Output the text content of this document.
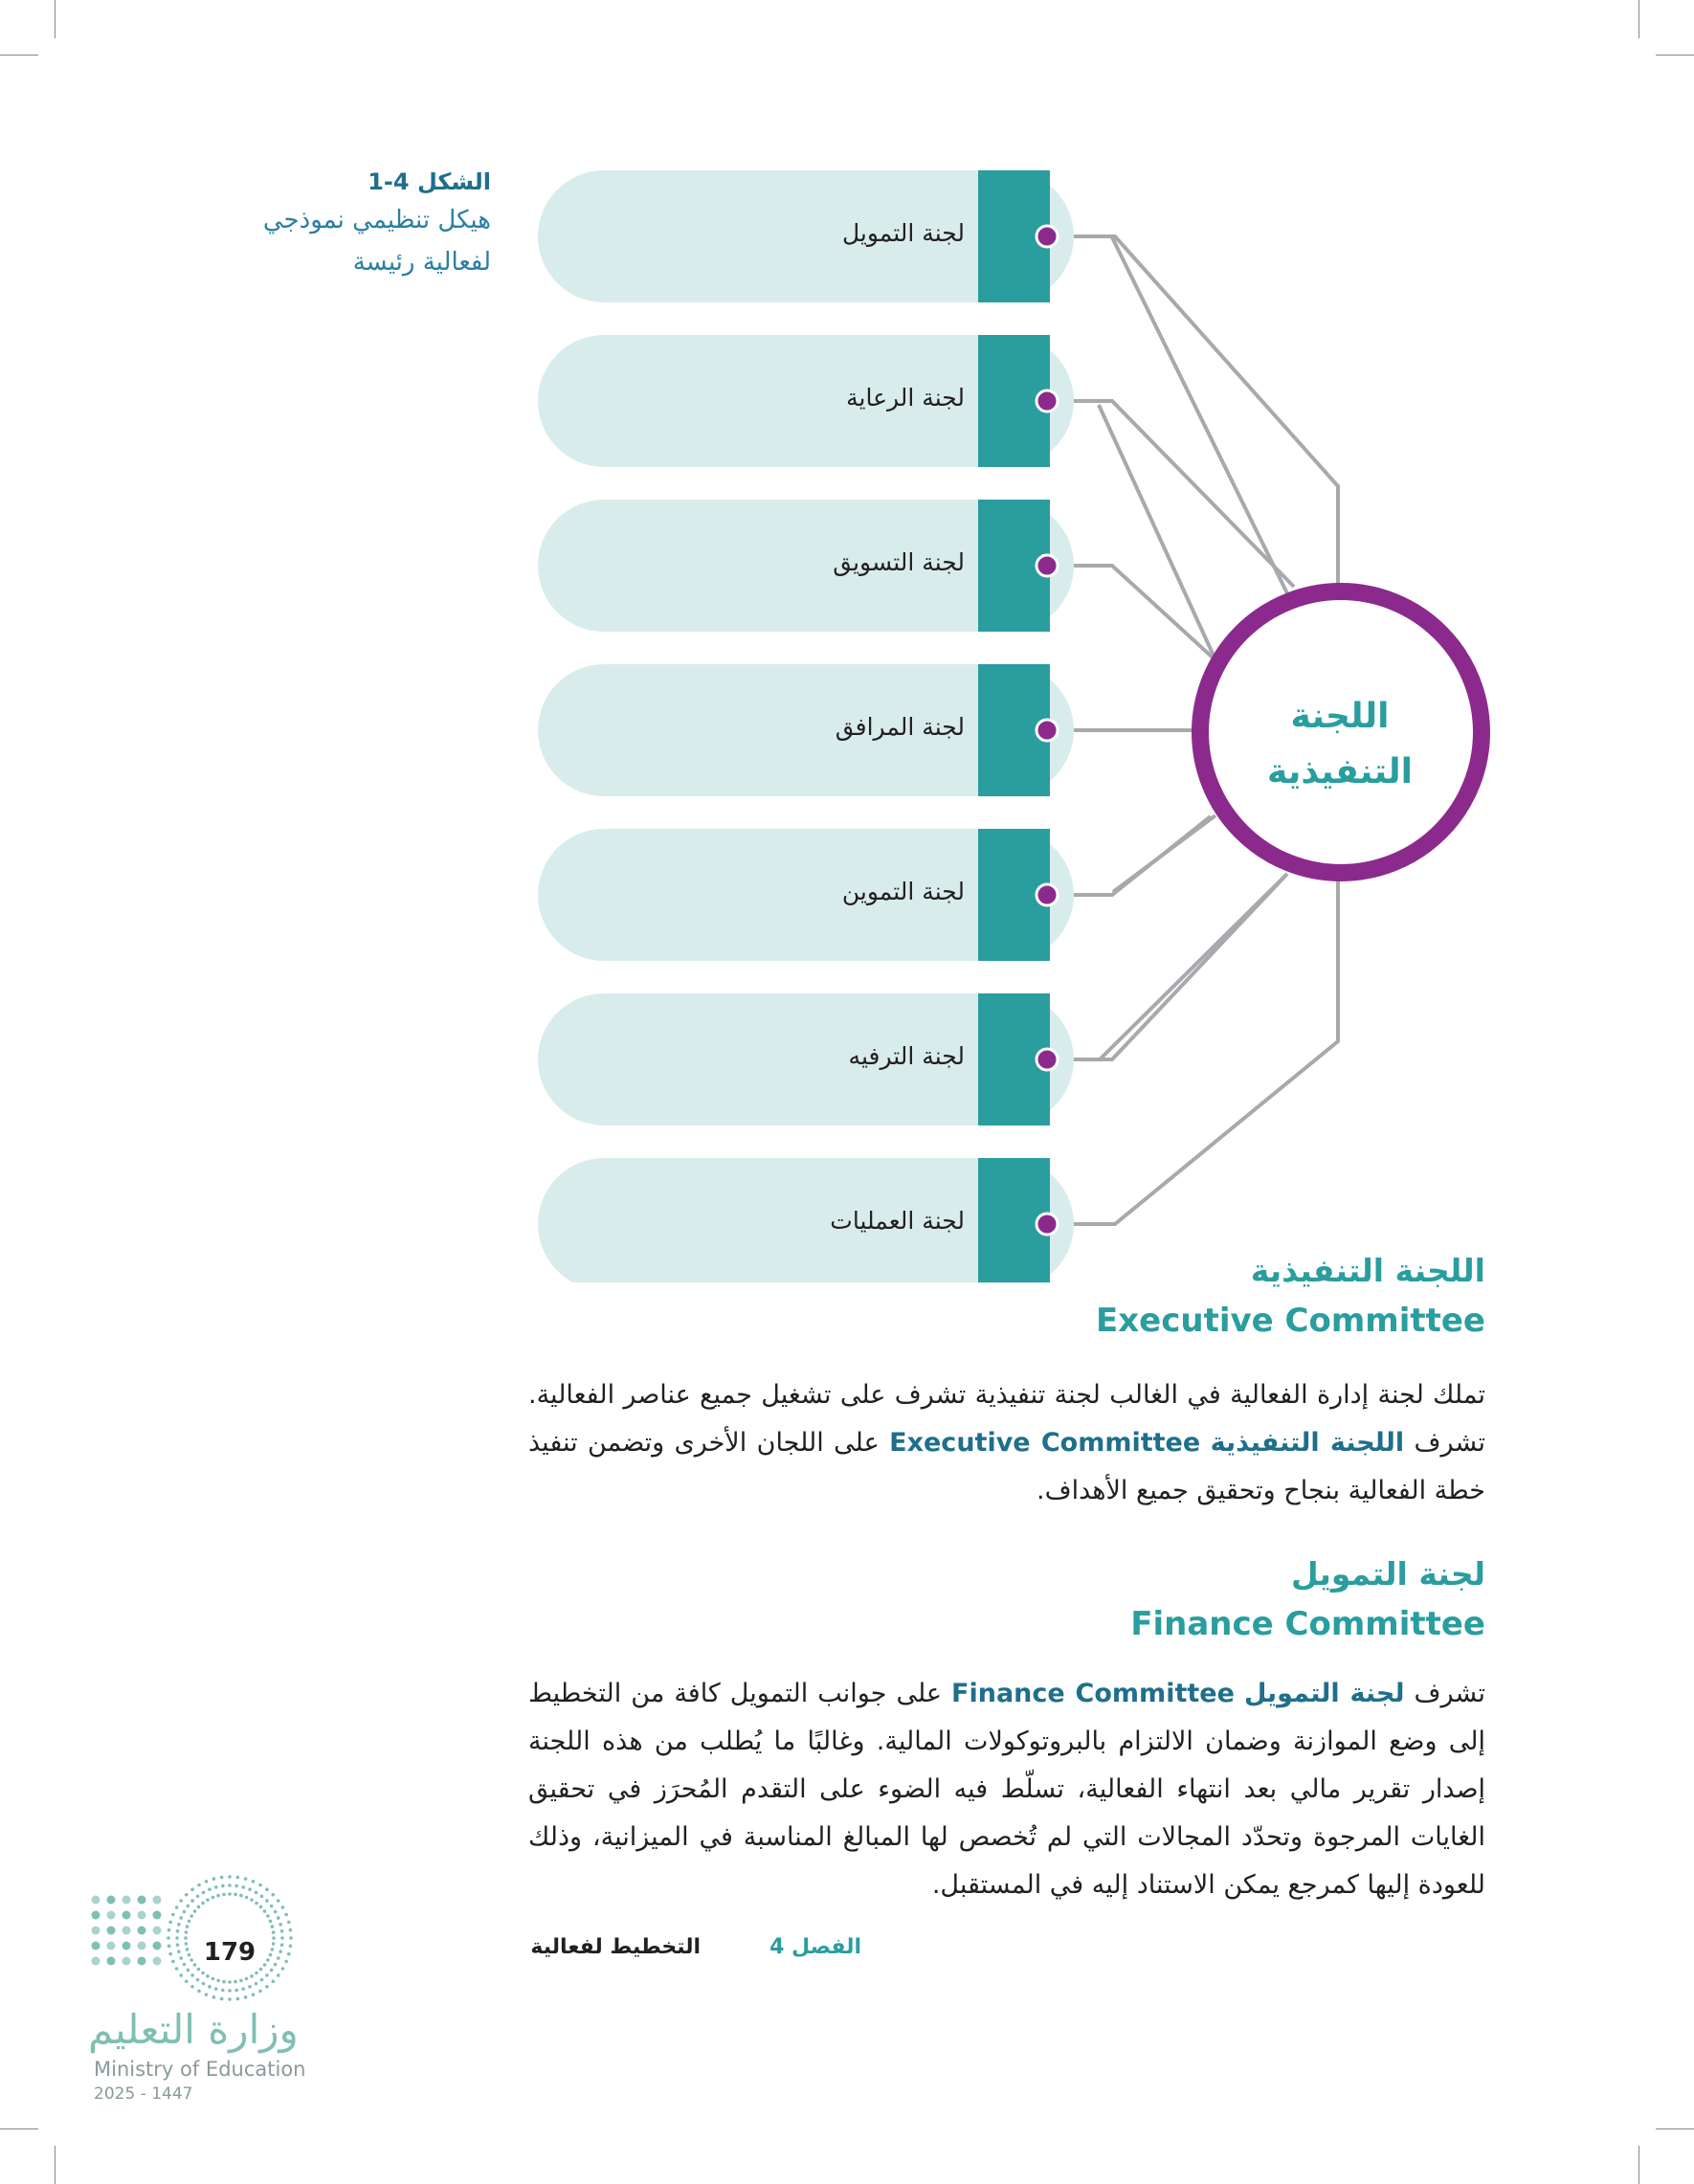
الشكل 4-1
هيكل تنظيمي نموذجي
لفعالية رئيسة
لجنة التمويل
لجنة الرعاية
لجنة التسويق
لجنة المرافق
لجنة التموين
لجنة الترفيه
لجنة العمليات
اللجنة
التنفيذية
اللجنة التنفيذية
Executive Committee
تملك لجنة إدارة الفعالية في الغالب لجنة تنفيذية تشرف على تشغيل جميع عناصر الفعالية. تشرف اللجنة التنفيذية Executive Committee على اللجان الأخرى وتضمن تنفيذ خطة الفعالية بنجاح وتحقيق جميع الأهداف.
لجنة التمويل
Finance Committee
تشرف لجنة التمويل Finance Committee على جوانب التمويل كافة من التخطيط إلى وضع الموازنة وضمان الالتزام بالبروتوكولات المالية. وغالبًا ما يُطلب من هذه اللجنة إصدار تقرير مالي بعد انتهاء الفعالية، تسلّط فيه الضوء على التقدم المُحرَز في تحقيق الغايات المرجوة وتحدّد المجالات التي لم تُخصص لها المبالغ المناسبة في الميزانية، وذلك للعودة إليها كمرجع يمكن الاستناد إليه في المستقبل.
الفصل 4
التخطيط لفعالية
179
وزارة التعليم
Ministry of Education
2025 - 1447
